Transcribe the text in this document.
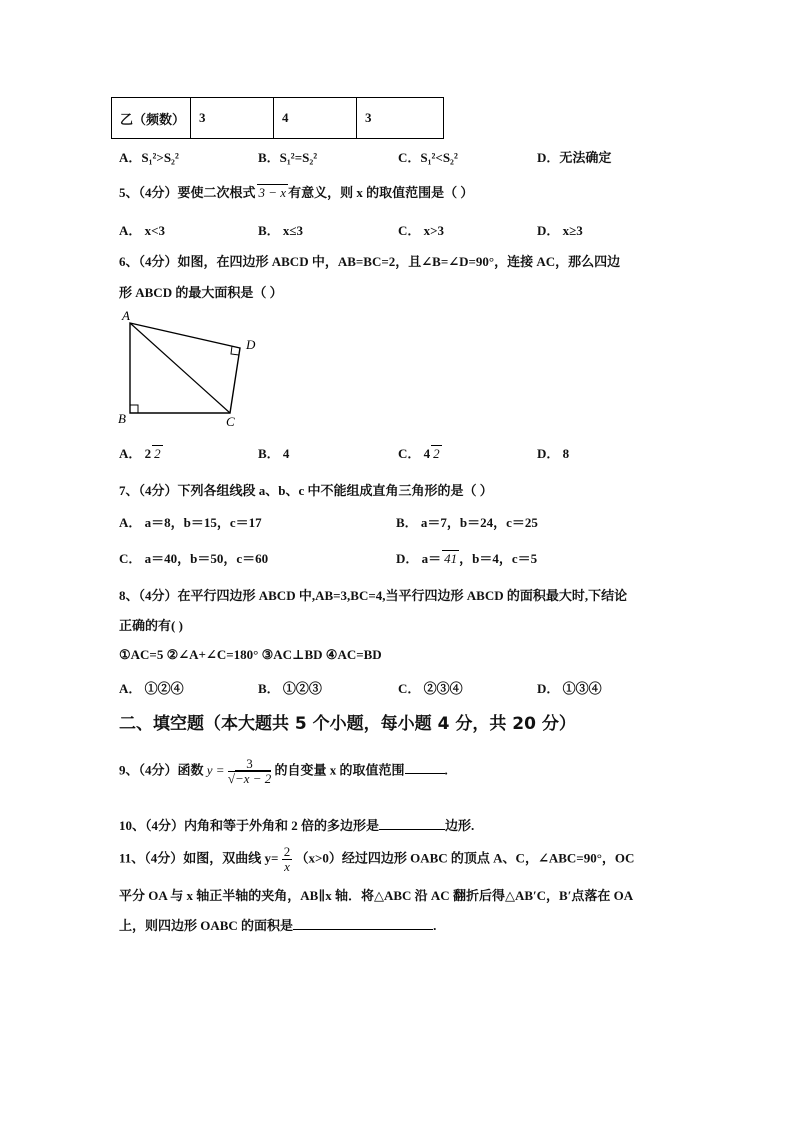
乙（频数）	3	4	3
A．S₁²>S₂²	B．S₁²=S₂²	C．S₁²<S₂²	D．无法确定
5、（4分）要使二次根式 3 − x 有意义，则 x 的取值范围是（ ）
A． x<3	B． x≤3	C． x>3	D． x≥3
6、（4分）如图，在四边形 ABCD 中，AB=BC=2，且∠B=∠D=90°，连接 AC，那么四边
形 ABCD 的最大面积是（ ）
A
D
B	C
A． 2 2	B． 4	C． 4 2	D． 8
7、（4分）下列各组线段 a、b、c 中不能组成直角三角形的是（ ）
A． a＝8，b＝15，c＝17	B． a＝7，b＝24，c＝25
C． a＝40，b＝50，c＝60	D． a＝ 41 ，b＝4，c＝5
8、（4分）在平行四边形 ABCD 中,AB=3,BC=4,当平行四边形 ABCD 的面积最大时,下结论
正确的有( )
①AC=5 ②∠A+∠C=180° ③AC⊥BD ④AC=BD
A． ①②④	B． ①②③	C． ②③④	D． ①③④
二、填空题（本大题共 5 个小题，每小题 4 分，共 20 分）
9、（4分）函数 $y = \frac{3}{√-x - 2}$ 的自变量 x 的取值范围	.
10、（4分）内角和等于外角和 2 倍的多边形是	边形.
11、（4分）如图，双曲线 $y= \frac{2}{x} (x>0)$经过四边形 OABC 的顶点 A、C，∠ABC=90°，OC
平分 OA 与 x 轴正半轴的夹角，AB∥x 轴．将△ABC 沿 AC 翻折后得△AB′C，B′点落在 OA
上，则四边形 OABC 的面积是	.
